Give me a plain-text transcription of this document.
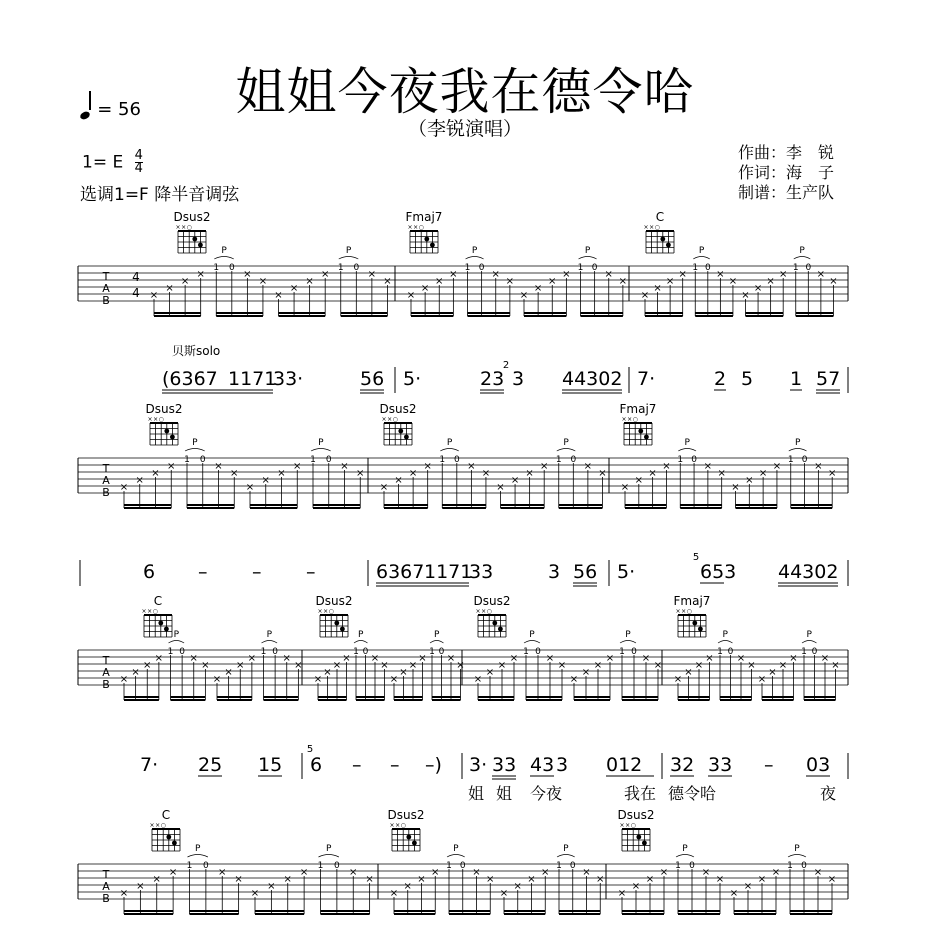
姐姐今夜我在德令哈
（李锐演唱）
= 56
1= E $\frac{4}{4}$
选调1=F 降半音调弦
作曲：李　锐
作词：海　子
制谱：生产队
T
A
B
4
4
Dsus2
× × ○
Fmaj7
× × ○
C
× × ○
×
×
×
×
1 0
×
×
P
×
×
×
×
1 0
×
×
P
×
×
×
×
1 0
×
×
P
×
×
×
×
1 0
×
×
P
×
×
×
×
1 0
×
×
P
×
×
×
×
1 0
×
×
P
贝斯solo
(6367 1171
33·	56 5·	23 3 44302 7·	2 5 1 57
2
T
A
B
Dsus2
× × ○
Dsus2
× × ○
Fmaj7
× × ○
×
×
×
×
1 0
×
×
P
×
×
×
×
1 0
×
×
P
×
×
×
×
1 0
×
×
P
×
×
×
×
1 0
×
×
P
×
×
×
×
1 0
×
×
P
×
×
×
×
1 0
×
×
P
6 – – –	6367 1171
33	3 56 5·	653 44302
5
T
A
B
C
× × ○
Dsus2
× × ○
Dsus2
× × ○
Fmaj7
× × ○
×
×
×
×
1 0
×
×
P
×
×
×
×
1 0
×
×
P
×
×
×
×
1 0
×
×
P
×
×
×
×
1 0
×
×
P
×
×
×
×
1 0
×
×
P
×
×
×
×
1 0
×
×
P
×
×
×
×
1 0
×
×
P
×
×
×
×
1 0
×
×
P
7· 25 15 6 – – –) 3· 33 43 3 012 32 33 – 03
姐 姐 今夜	我在 德令哈	夜
5
T
A
B
C
× × ○
Dsus2
× × ○
Dsus2
× × ○
×
×
×
×
1 0
×
×
P
×
×
×
×
1 0
×
×
P
×
×
×
×
1 0
×
×
P
×
×
×
×
1 0
×
×
P
×
×
×
×
1 0
×
×
P
×
×
×
×
1 0
×
×
P
